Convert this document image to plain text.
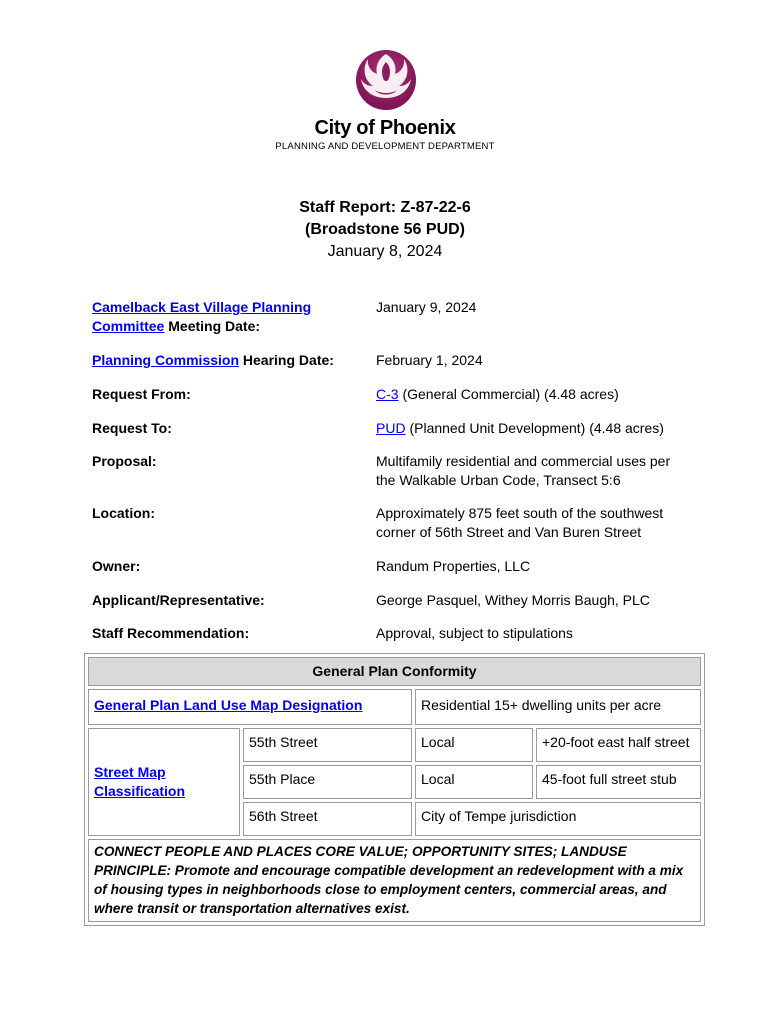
City of Phoenix
PLANNING AND DEVELOPMENT DEPARTMENT
Staff Report: Z-87-22-6
(Broadstone 56 PUD)
January 8, 2024
Camelback East Village Planning
Committee Meeting Date:
January 9, 2024
Planning Commission Hearing Date:	February 1, 2024
Request From:	C-3 (General Commercial) (4.48 acres)
Request To:	PUD (Planned Unit Development) (4.48 acres)
Proposal:	Multifamily residential and commercial uses per
the Walkable Urban Code, Transect 5:6
Location:	Approximately 875 feet south of the southwest
corner of 56th Street and Van Buren Street
Owner:	Randum Properties, LLC
Applicant/Representative:	George Pasquel, Withey Morris Baugh, PLC
Staff Recommendation:	Approval, subject to stipulations
General Plan Conformity			
General Plan Land Use Map Designation		Residential 15+ dwelling units per acre	
Street Map
Classification	55th Street	Local	+20-foot east half street
	55th Place	Local	45-foot full street stub
	56th Street	City of Tempe jurisdiction	
CONNECT PEOPLE AND PLACES CORE VALUE; OPPORTUNITY SITES; LANDUSE PRINCIPLE: Promote and encourage compatible development an redevelopment with a mix of housing types in neighborhoods close to employment centers, commercial areas, and where transit or transportation alternatives exist.			
